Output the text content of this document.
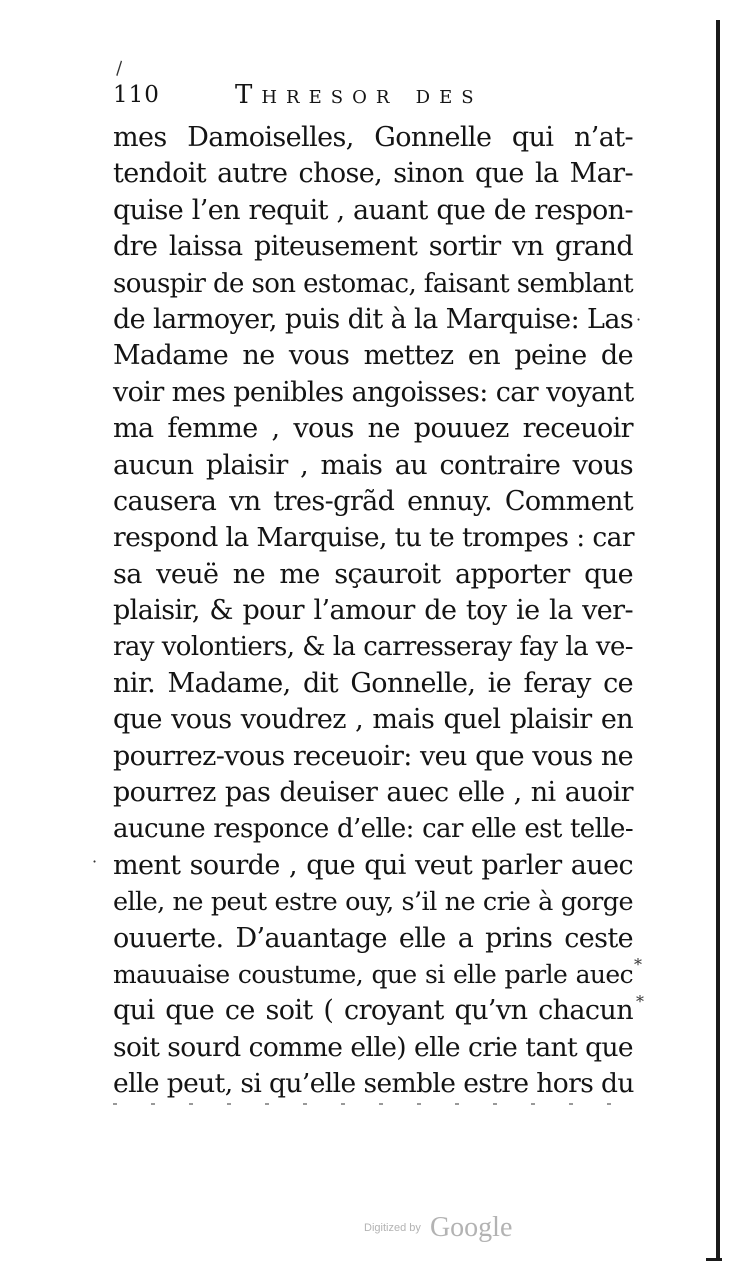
\
110	Thresor des
mes Damoiselles, Gonnelle qui n’at-
tendoit autre chose, sinon que la Mar-
quise l’en requit , auant que de respon-
dre laissa piteusement sortir vn grand
souspir de son estomac, faisant semblant
de larmoyer, puis dit à la Marquise: Las
Madame ne vous mettez en peine de
voir mes penibles angoisses: car voyant
ma femme , vous ne pouuez receuoir
aucun plaisir , mais au contraire vous
causera vn tres-grãd ennuy. Comment
respond la Marquise, tu te trompes : car
sa veuë ne me sçauroit apporter que
plaisir, & pour l’amour de toy ie la ver-
ray volontiers, & la carresseray fay la ve-
nir. Madame, dit Gonnelle, ie feray ce
que vous voudrez , mais quel plaisir en
pourrez-vous receuoir: veu que vous ne
pourrez pas deuiser auec elle , ni auoir
aucune responce d’elle: car elle est telle-
ment sourde , que qui veut parler auec
elle, ne peut estre ouy, s’il ne crie à gorge
ouuerte. D’auantage elle a prins ceste
mauuaise coustume, que si elle parle auec
qui que ce soit ( croyant qu’vn chacun
soit sourd comme elle) elle crie tant que
elle peut, si qu’elle semble estre hors du
·
·
*
*
Digitized by Google
